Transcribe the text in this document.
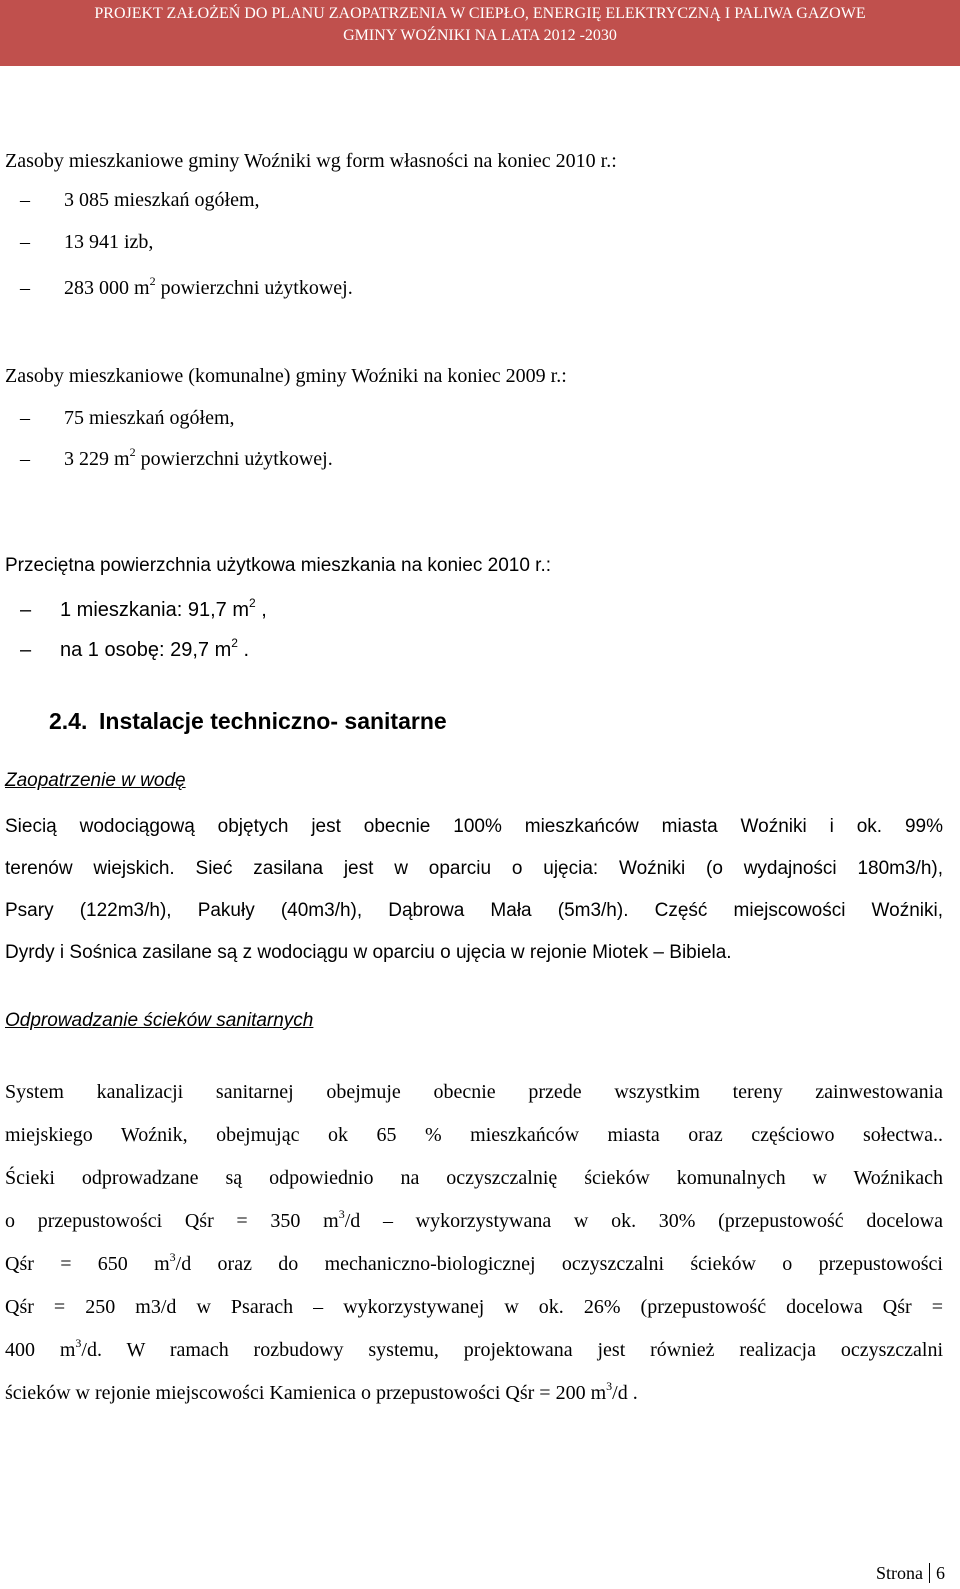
PROJEKT ZAŁOŻEŃ DO PLANU ZAOPATRZENIA W CIEPŁO, ENERGIĘ ELEKTRYCZNĄ I PALIWA GAZOWE
GMINY WOŹNIKI NA LATA 2012 -2030
Zasoby mieszkaniowe gminy Woźniki wg form własności na koniec 2010 r.:
– 3 085 mieszkań ogółem,
– 13 941 izb,
– 283 000 $m^2$ powierzchni użytkowej.
Zasoby mieszkaniowe (komunalne) gminy Woźniki na koniec 2009 r.:
– 75 mieszkań ogółem,
– 3 229 $m^2$ powierzchni użytkowej.
Przeciętna powierzchnia użytkowa mieszkania na koniec 2010 r.:
– 1 mieszkania: 91,7 $m^2$ ,
– na 1 osobę: 29,7 $m^2$ .
2.4. Instalacje techniczno- sanitarne
Zaopatrzenie w wodę
Siecią wodociągową objętych jest obecnie 100% mieszkańców miasta Woźniki i ok. 99%
terenów wiejskich. Sieć zasilana jest w oparciu o ujęcia: Woźniki (o wydajności 180m3/h),
Psary (122m3/h), Pakuły (40m3/h), Dąbrowa Mała (5m3/h). Część miejscowości Woźniki,
Dyrdy i Sośnica zasilane są z wodociągu w oparciu o ujęcia w rejonie Miotek – Bibiela.
Odprowadzanie ścieków sanitarnych
System kanalizacji sanitarnej obejmuje obecnie przede wszystkim tereny zainwestowania
miejskiego Woźnik, obejmując ok 65 % mieszkańców miasta oraz częściowo sołectwa..
Ścieki odprowadzane są odpowiednio na oczyszczalnię ścieków komunalnych w Woźnikach
o przepustowości Qśr = 350 $m^3/d$ – wykorzystywana w ok. 30% (przepustowość docelowa
Qśr = 650 $m^3/d$ oraz do mechaniczno-biologicznej oczyszczalni ścieków o przepustowości
Qśr = 250 m3/d w Psarach – wykorzystywanej w ok. 26% (przepustowość docelowa Qśr =
400 $m^3/d$. W ramach rozbudowy systemu, projektowana jest również realizacja oczyszczalni
ścieków w rejonie miejscowości Kamienica o przepustowości Qśr = 200 $m^3/d$ .
Strona 6
